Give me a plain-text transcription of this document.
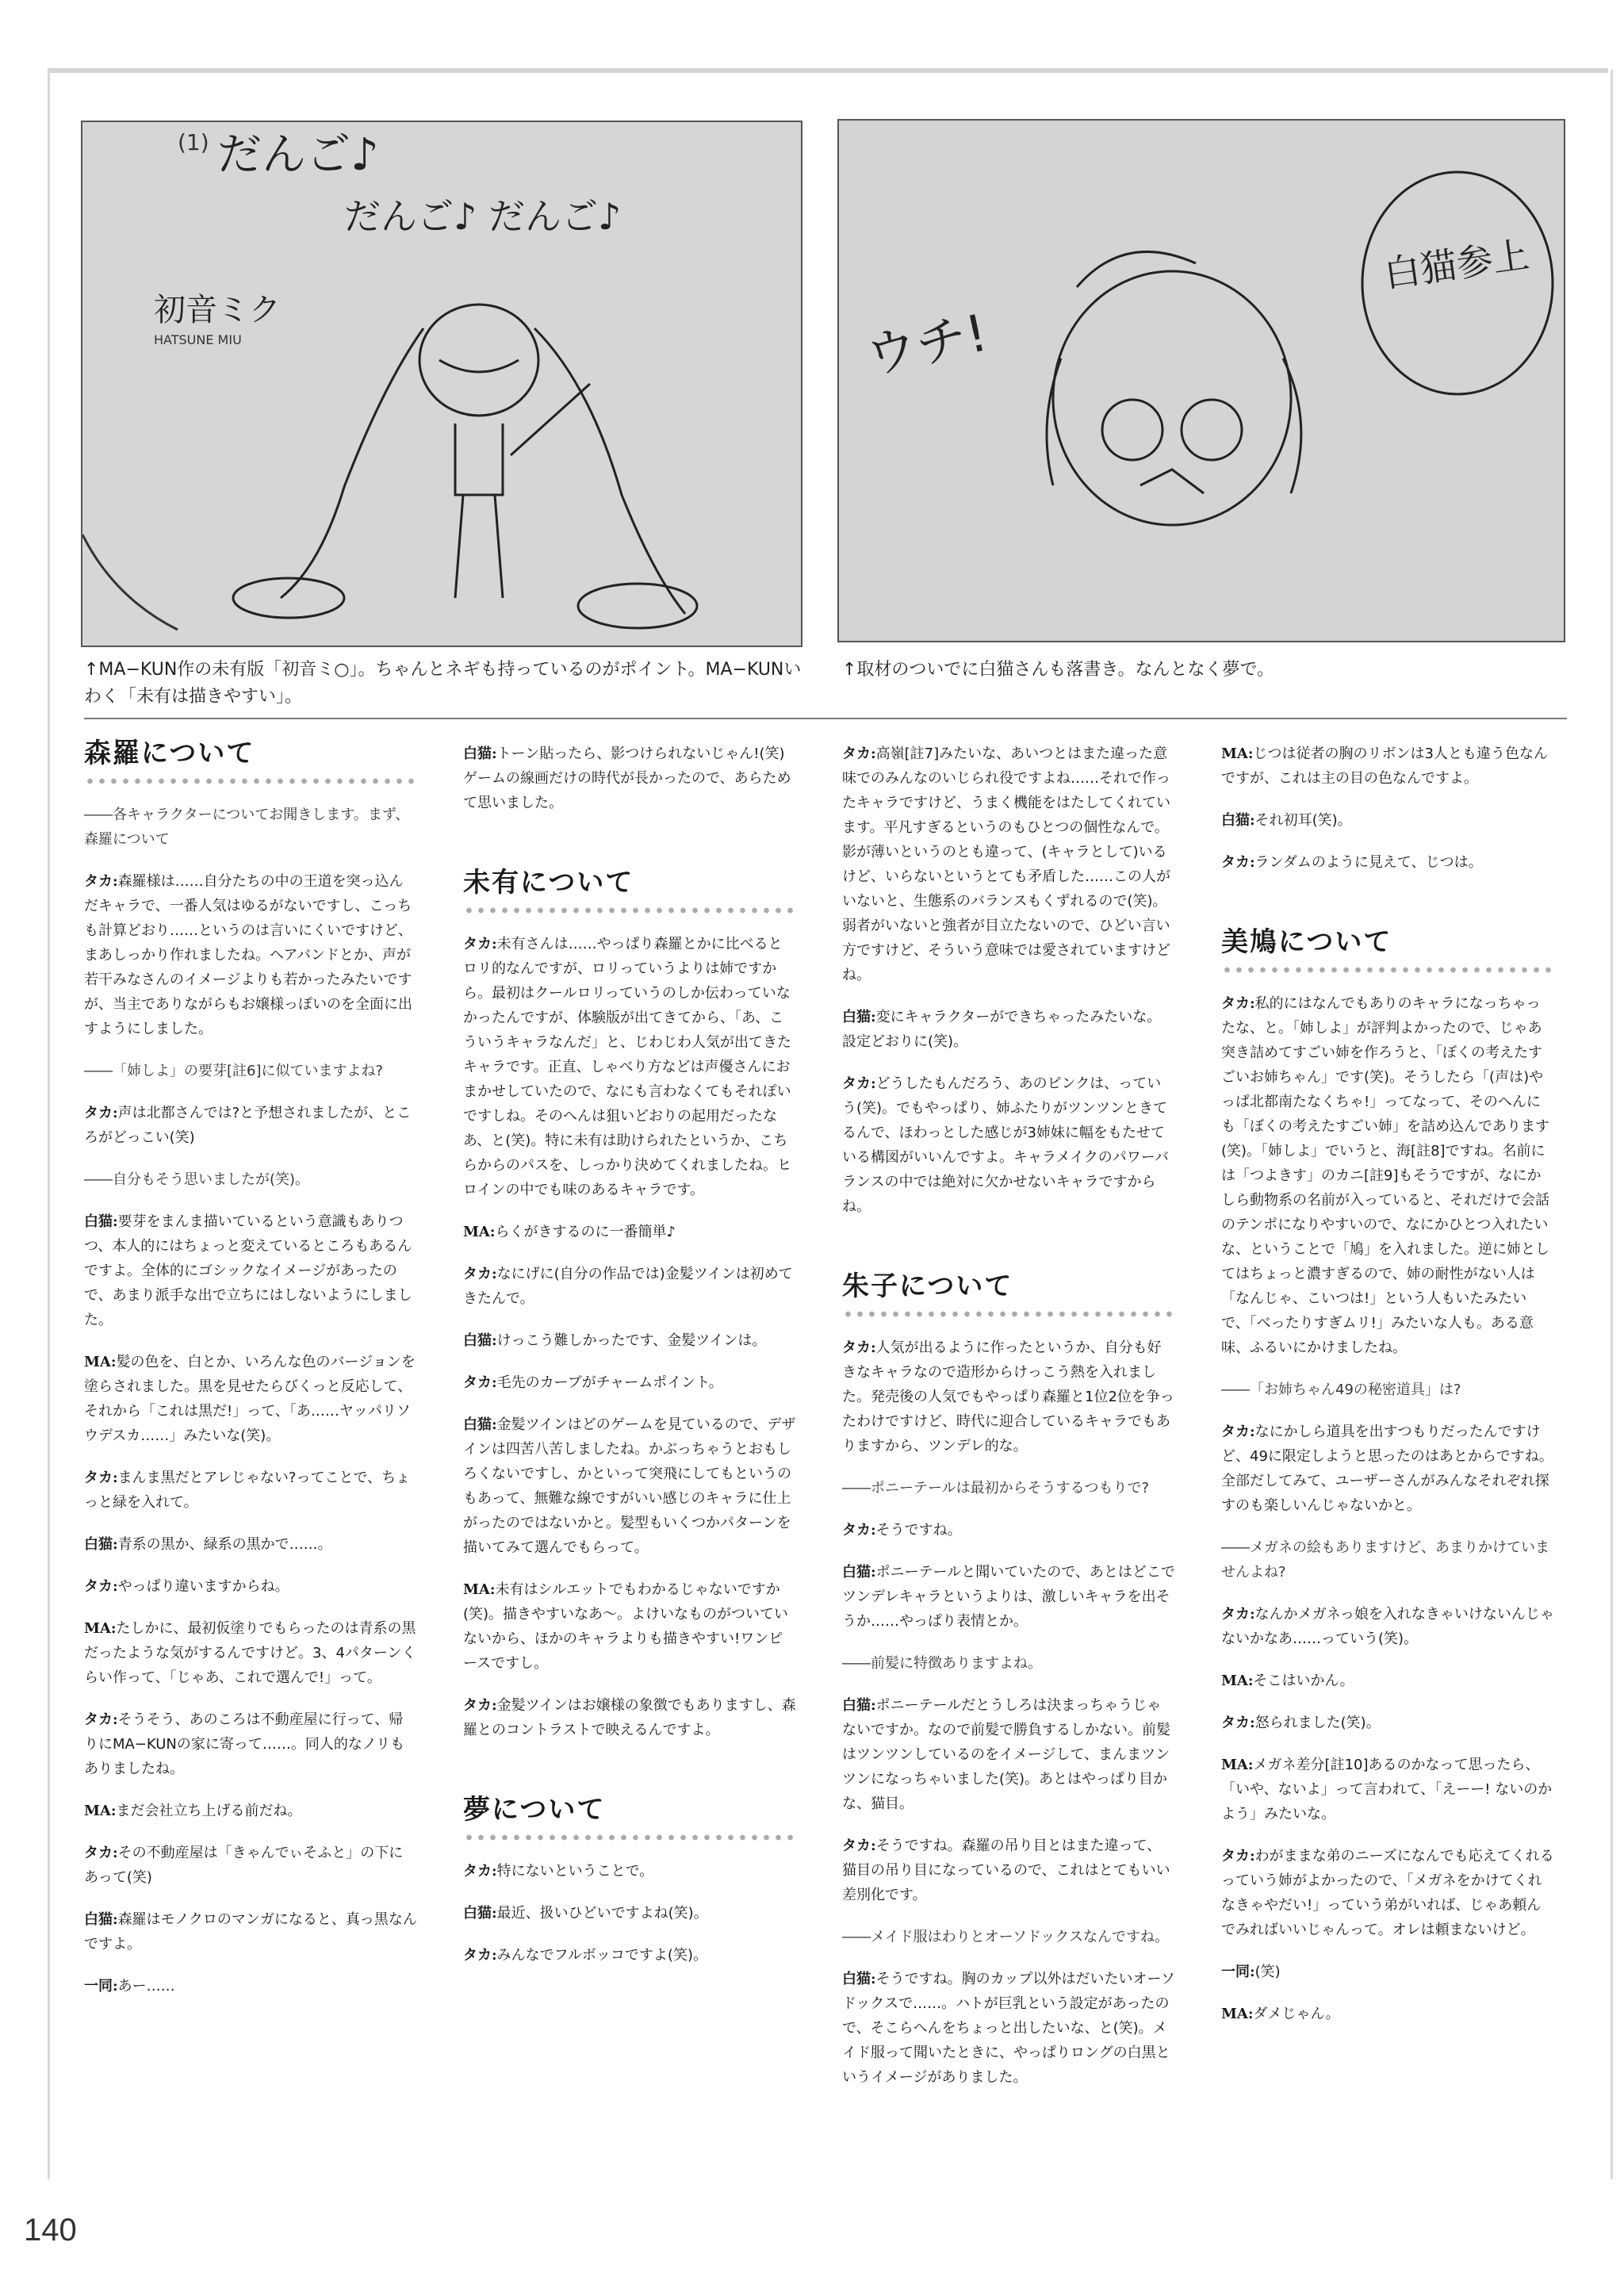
だんご♪
だんご♪ だんご♪
初音ミク
HATSUNE MIU
(1)
↑MA−KUN作の未有版「初音ミ○」。ちゃんとネギも持っているのがポイント。MA−KUNいわく「未有は描きやすい」。
ウチ!
白猫参上
↑取材のついでに白猫さんも落書き。なんとなく夢で。
森羅について

――各キャラクターについてお聞きします。まず、森羅について

タカ:森羅様は……自分たちの中の王道を突っ込んだキャラで、一番人気はゆるがないですし、こっちも計算どおり……というのは言いにくいですけど、まあしっかり作れましたね。ヘアバンドとか、声が若干みなさんのイメージよりも若かったみたいですが、当主でありながらもお嬢様っぽいのを全面に出すようにしました。

――「姉しよ」の要芽[註6]に似ていますよね?

タカ:声は北都さんでは?と予想されましたが、ところがどっこい(笑)

――自分もそう思いましたが(笑)。

白猫:要芽をまんま描いているという意識もありつつ、本人的にはちょっと変えているところもあるんですよ。全体的にゴシックなイメージがあったので、あまり派手な出で立ちにはしないようにしました。

MA:髪の色を、白とか、いろんな色のバージョンを塗らされました。黒を見せたらびくっと反応して、それから「これは黒だ!」って、「あ……ヤッパリソウデスカ……」みたいな(笑)。

タカ:まんま黒だとアレじゃない?ってことで、ちょっと緑を入れて。

白猫:青系の黒か、緑系の黒かで……。

タカ:やっぱり違いますからね。

MA:たしかに、最初仮塗りでもらったのは青系の黒だったような気がするんですけど。3、4パターンくらい作って、「じゃあ、これで選んで!」って。

タカ:そうそう、あのころは不動産屋に行って、帰りにMA−KUNの家に寄って……。同人的なノリもありましたね。

MA:まだ会社立ち上げる前だね。

タカ:その不動産屋は「きゃんでぃそふと」の下にあって(笑)

白猫:森羅はモノクロのマンガになると、真っ黒なんですよ。

一同:あー……

白猫:トーン貼ったら、影つけられないじゃん!(笑)ゲームの線画だけの時代が長かったので、あらためて思いました。

未有について

タカ:未有さんは……やっぱり森羅とかに比べるとロリ的なんですが、ロリっていうよりは姉ですから。最初はクールロリっていうのしか伝わっていなかったんですが、体験版が出てきてから、「あ、こういうキャラなんだ」と、じわじわ人気が出てきたキャラです。正直、しゃべり方などは声優さんにおまかせしていたので、なにも言わなくてもそれぽいですしね。そのへんは狙いどおりの起用だったなあ、と(笑)。特に未有は助けられたというか、こちらからのパスを、しっかり決めてくれましたね。ヒロインの中でも味のあるキャラです。

MA:らくがきするのに一番簡単♪

タカ:なにげに(自分の作品では)金髪ツインは初めてきたんで。

白猫:けっこう難しかったです、金髪ツインは。

タカ:毛先のカーブがチャームポイント。

白猫:金髪ツインはどのゲームを見ているので、デザインは四苦八苦しましたね。かぶっちゃうとおもしろくないですし、かといって突飛にしてもというのもあって、無難な線ですがいい感じのキャラに仕上がったのではないかと。髪型もいくつかパターンを描いてみて選んでもらって。

MA:未有はシルエットでもわかるじゃないですか(笑)。描きやすいなあ〜。よけいなものがついていないから、ほかのキャラよりも描きやすい!ワンピースですし。

タカ:金髪ツインはお嬢様の象徴でもありますし、森羅とのコントラストで映えるんですよ。

夢について

タカ:特にないということで。

白猫:最近、扱いひどいですよね(笑)。

タカ:みんなでフルボッコですよ(笑)。

タカ:高嶺[註7]みたいな、あいつとはまた違った意味でのみんなのいじられ役ですよね……それで作ったキャラですけど、うまく機能をはたしてくれています。平凡すぎるというのもひとつの個性なんで。影が薄いというのとも違って、(キャラとして)いるけど、いらないというとても矛盾した……この人がいないと、生態系のバランスもくずれるので(笑)。弱者がいないと強者が目立たないので、ひどい言い方ですけど、そういう意味では愛されていますけどね。

白猫:変にキャラクターができちゃったみたいな。設定どおりに(笑)。

タカ:どうしたもんだろう、あのピンクは、っていう(笑)。でもやっぱり、姉ふたりがツンツンときてるんで、ほわっとした感じが3姉妹に幅をもたせている構図がいいんですよ。キャラメイクのパワーバランスの中では絶対に欠かせないキャラですからね。

朱子について

タカ:人気が出るように作ったというか、自分も好きなキャラなので造形からけっこう熱を入れました。発売後の人気でもやっぱり森羅と1位2位を争ったわけですけど、時代に迎合しているキャラでもありますから、ツンデレ的な。

――ポニーテールは最初からそうするつもりで?

タカ:そうですね。

白猫:ポニーテールと聞いていたので、あとはどこでツンデレキャラというよりは、激しいキャラを出そうか……やっぱり表情とか。

――前髪に特徴ありますよね。

白猫:ポニーテールだとうしろは決まっちゃうじゃないですか。なので前髪で勝負するしかない。前髪はツンツンしているのをイメージして、まんまツンツンになっちゃいました(笑)。あとはやっぱり目かな、猫目。

タカ:そうですね。森羅の吊り目とはまた違って、猫目の吊り目になっているので、これはとてもいい差別化です。

――メイド服はわりとオーソドックスなんですね。

白猫:そうですね。胸のカップ以外はだいたいオーソドックスで……。ハトが巨乳という設定があったので、そこらへんをちょっと出したいな、と(笑)。メイド服って聞いたときに、やっぱりロングの白黒というイメージがありました。

MA:じつは従者の胸のリボンは3人とも違う色なんですが、これは主の目の色なんですよ。

白猫:それ初耳(笑)。

タカ:ランダムのように見えて、じつは。

美鳩について

タカ:私的にはなんでもありのキャラになっちゃったな、と。「姉しよ」が評判よかったので、じゃあ突き詰めてすごい姉を作ろうと、「ぼくの考えたすごいお姉ちゃん」です(笑)。そうしたら「(声は)やっぱ北都南たなくちゃ!」ってなって、そのへんにも「ぼくの考えたすごい姉」を詰め込んであります(笑)。「姉しよ」でいうと、海[註8]ですね。名前には「つよきす」のカニ[註9]もそうですが、なにかしら動物系の名前が入っていると、それだけで会話のテンポになりやすいので、なにかひとつ入れたいな、ということで「鳩」を入れました。逆に姉としてはちょっと濃すぎるので、姉の耐性がない人は「なんじゃ、こいつは!」という人もいたみたいで、「べったりすぎムリ!」みたいな人も。ある意味、ふるいにかけましたね。

――「お姉ちゃん49の秘密道具」は?

タカ:なにかしら道具を出すつもりだったんですけど、49に限定しようと思ったのはあとからですね。全部だしてみて、ユーザーさんがみんなそれぞれ探すのも楽しいんじゃないかと。

――メガネの絵もありますけど、あまりかけていませんよね?

タカ:なんかメガネっ娘を入れなきゃいけないんじゃないかなあ……っていう(笑)。

MA:そこはいかん。

タカ:怒られました(笑)。

MA:メガネ差分[註10]あるのかなって思ったら、「いや、ないよ」って言われて、「えーー! ないのかよう」みたいな。

タカ:わがままな弟のニーズになんでも応えてくれるっていう姉がよかったので、「メガネをかけてくれなきゃやだい!」っていう弟がいれば、じゃあ頼んでみればいいじゃんって。オレは頼まないけど。

一同:(笑)

MA:ダメじゃん。

140
